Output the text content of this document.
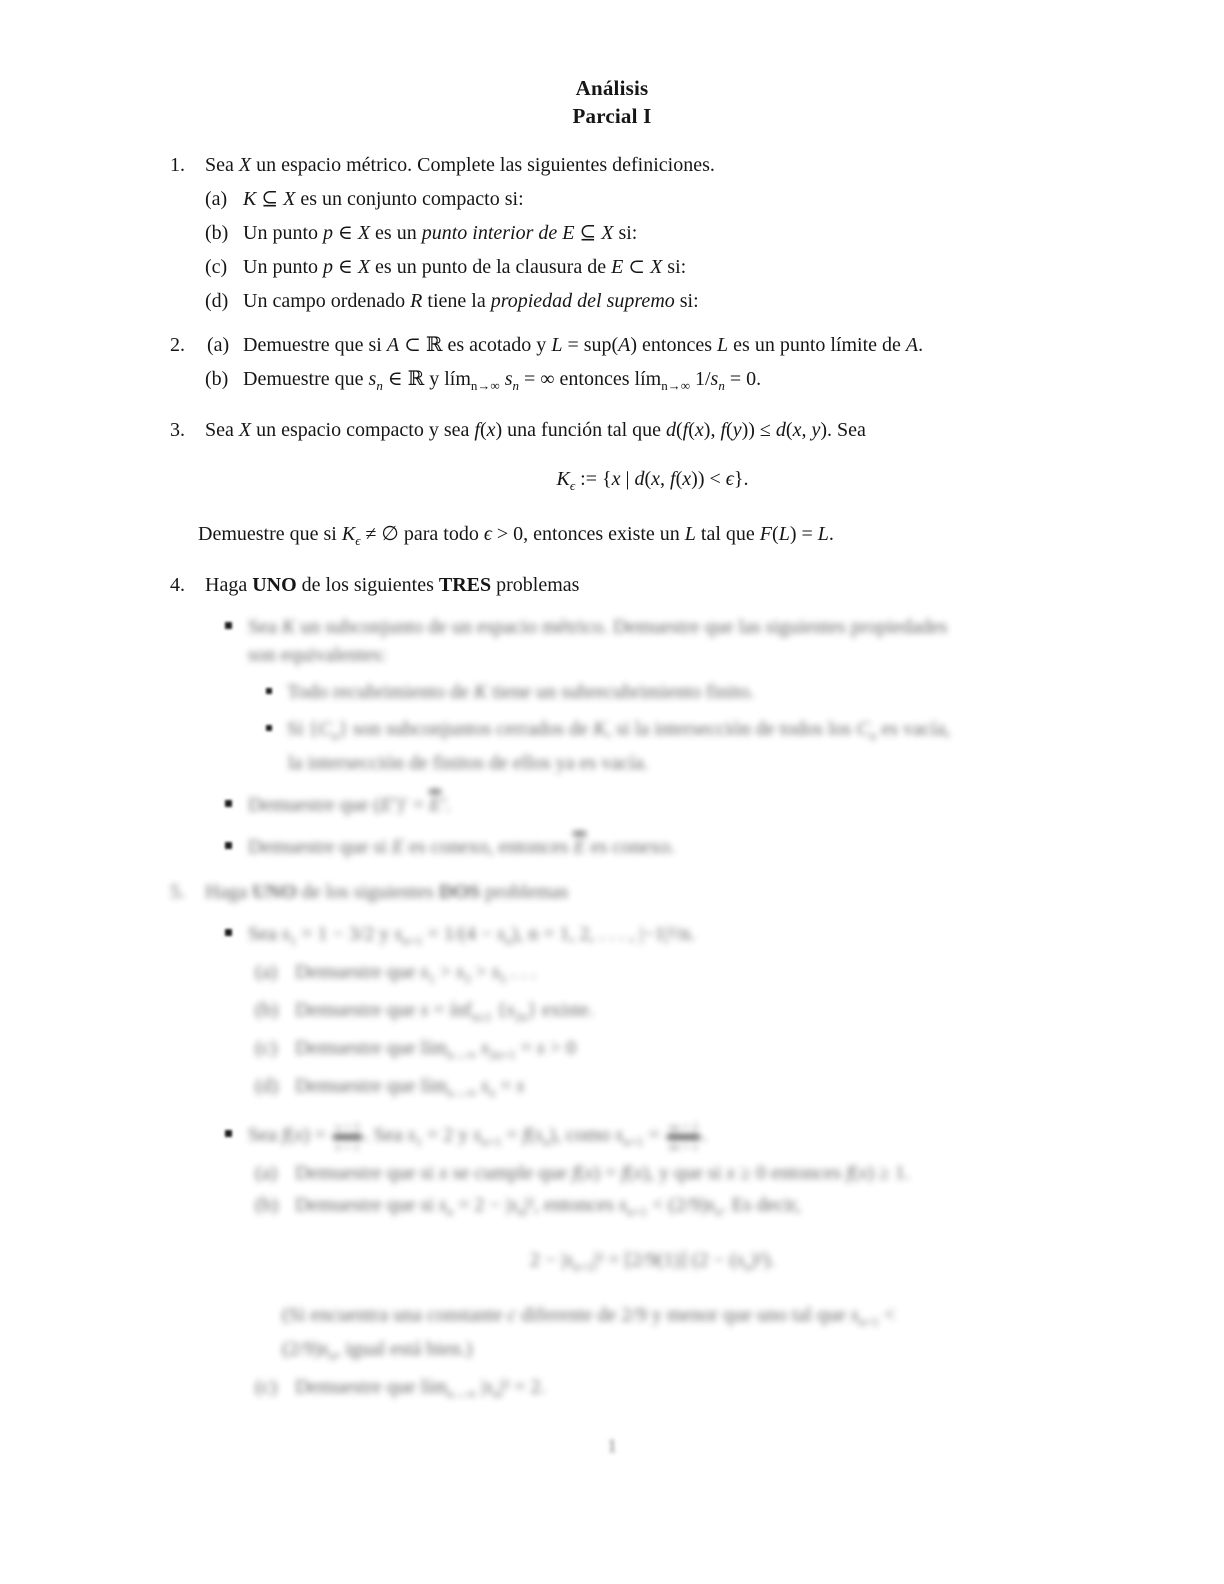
Análisis
Parcial I
1. Sea X un espacio métrico. Complete las siguientes definiciones.
(a) K ⊆ X es un conjunto compacto si:
(b) Un punto p ∈ X es un punto interior de E ⊆ X si:
(c) Un punto p ∈ X es un punto de la clausura de E ⊂ X si:
(d) Un campo ordenado R tiene la propiedad del supremo si:
2. (a) Demuestre que si A ⊂ ℝ es acotado y L = sup(A) entonces L es un punto límite de A.
(b) Demuestre que $s_n$ ∈ ℝ y lím$_{n\to\infty}$ $s_n$ = ∞ entonces lím$_{n\to\infty}$ $1/s_n = 0$.
3. Sea X un espacio compacto y sea f(x) una función tal que d(f(x), f(y)) ≤ d(x, y). Sea
$K_\epsilon$ := {x | d(x, f(x)) < ϵ}.
Demuestre que si $K_\epsilon$ ≠ ∅ para todo ϵ > 0, entonces existe un L tal que F(L) = L.
4. Haga UNO de los siguientes TRES problemas
Sea K un subconjunto de un espacio métrico. Demuestre que las siguientes propiedades
son equivalentes:
Todo recubrimiento de K tiene un subrecubrimiento finito.
Si $\{C_\alpha\}$ son subconjuntos cerrados de K, si la intersección de todos los $C_\alpha$ es vacía,
la intersección de finitos de ellos ya es vacía.
Demuestre que (E′)′ = E′.
Demuestre que si E es conexo, entonces E es conexo.
5. Haga UNO de los siguientes DOS problemas
Sea $s_1 = 1 - 3/2$ y $s_{n+1} = 1/(4 - s_n)$, n = 1, 2, . . . , |−1|²/n.
(a) Demuestre que $s_1 > s_3 > s_5$ . . .
(b) Demuestre que s = ínf$_{n\ge 1}$ $\{s_{2n}\}$ existe.
(c) Demuestre que lím$_{n\to\infty}$ $s_{2n+1} = s > 0$
(d) Demuestre que lím$_{n\to\infty}$ $s_n = s$
Sea $f(x) = \frac{x + 2}{x + 1}$ . Sea $s_1 = 2$ y $s_{n+1} = f(s_n)$, como $s_{n+1} = \frac{sn + 2}{sn + 1}$ .
(a) Demuestre que si x se cumple que f(x) = f(x), y que si x ≥ 0 entonces f(x) ≥ 1.
(b) Demuestre que si $s_n = 2 - |s_n|^2$, entonces $s_{n+1} < (2/9)s_n$. Es decir,
$2 - |s_{n+1}|^2 = [2/9(1)] (2 - (s_n)^2)$.
(Si encuentra una constante c diferente de 2/9 y menor que uno tal que $s_{n+1}$ <
$(2/9)s_n$, igual está bien.)
(c) Demuestre que lím$_{n\to\infty}$ $|s_n|^2 = 2$.
1
